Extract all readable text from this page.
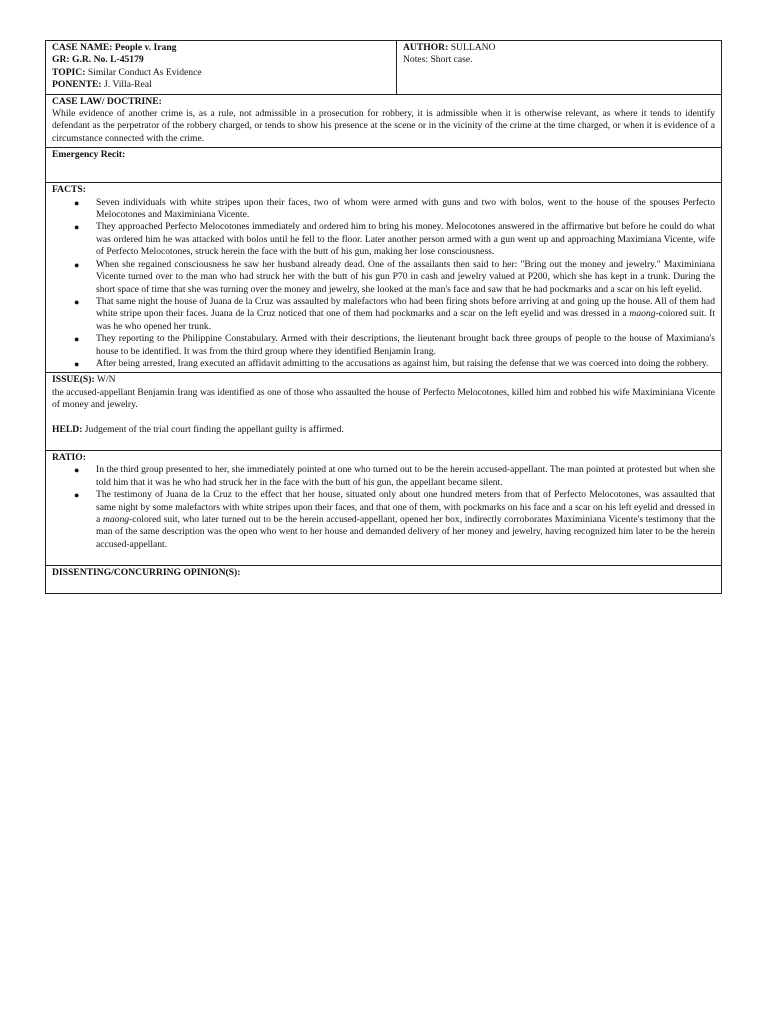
CASE NAME: People v. Irang
GR: G.R. No. L-45179
TOPIC: Similar Conduct As Evidence
PONENTE: J. Villa-Real

AUTHOR: SULLANO
Notes: Short case.

CASE LAW/ DOCTRINE:
While evidence of another crime is, as a rule, not admissible in a prosecution for robbery, it is admissible when it is otherwise relevant, as where it tends to identify defendant as the perpetrator of the robbery charged, or tends to show his presence at the scene or in the vicinity of the crime at the time charged, or when it is evidence of a circumstance connected with the crime.

Emergency Recit:

FACTS:
● Seven individuals with white stripes upon their faces, two of whom were armed with guns and two with bolos, went to the house of the spouses Perfecto Melocotones and Maximiniana Vicente.
● They approached Perfecto Melocotones immediately and ordered him to bring his money. Melocotones answered in the affirmative but before he could do what was ordered him he was attacked with bolos until he fell to the floor. Later another person armed with a gun went up and approaching Maximiana Vicente, wife of Perfecto Melocotones, struck herein the face with the butt of his gun, making her lose consciousness.
● When she regained consciousness he saw her husband already dead. One of the assailants then said to her: "Bring out the money and jewelry." Maximiniana Vicente turned over to the man who had struck her with the butt of his gun P70 in cash and jewelry valued at P200, which she has kept in a trunk. During the short space of time that she was turning over the money and jewelry, she looked at the man's face and saw that he had pockmarks and a scar on his left eyelid.
● That same night the house of Juana de la Cruz was assaulted by malefactors who had been firing shots before arriving at and going up the house. All of them had white stripe upon their faces. Juana de la Cruz noticed that one of them had pockmarks and a scar on the left eyelid and was dressed in a maong-colored suit. It was he who opened her trunk.
● They reporting to the Philippine Constabulary. Armed with their descriptions, the lieutenant brought back three groups of people to the house of Maximiana's house to be identified. It was from the third group where they identified Benjamin Irang.
● After being arrested, Irang executed an affidavit admitting to the accusations as against him, but raising the defense that we was coerced into doing the robbery.

ISSUE(S): W/N
the accused-appellant Benjamin Irang was identified as one of those who assaulted the house of Perfecto Melocotones, killed him and robbed his wife Maximiniana Vicente of money and jewelry.
HELD: Judgement of the trial court finding the appellant guilty is affirmed.

RATIO:
● In the third group presented to her, she immediately pointed at one who turned out to be the herein accused-appellant. The man pointed at protested but when she told him that it was he who had struck her in the face with the butt of his gun, the appellant became silent.
● The testimony of Juana de la Cruz to the effect that her house, situated only about one hundred meters from that of Perfecto Melocotones, was assaulted that same night by some malefactors with white stripes upon their faces, and that one of them, with pockmarks on his face and a scar on his left eyelid and dressed in a maong-colored suit, who later turned out to be the herein accused-appellant, opened her box, indirectly corroborates Maximiniana Vicente's testimony that the man of the same description was the open who went to her house and demanded delivery of her money and jewelry, having recognized him later to be the herein accused-appellant.

DISSENTING/CONCURRING OPINION(S):
